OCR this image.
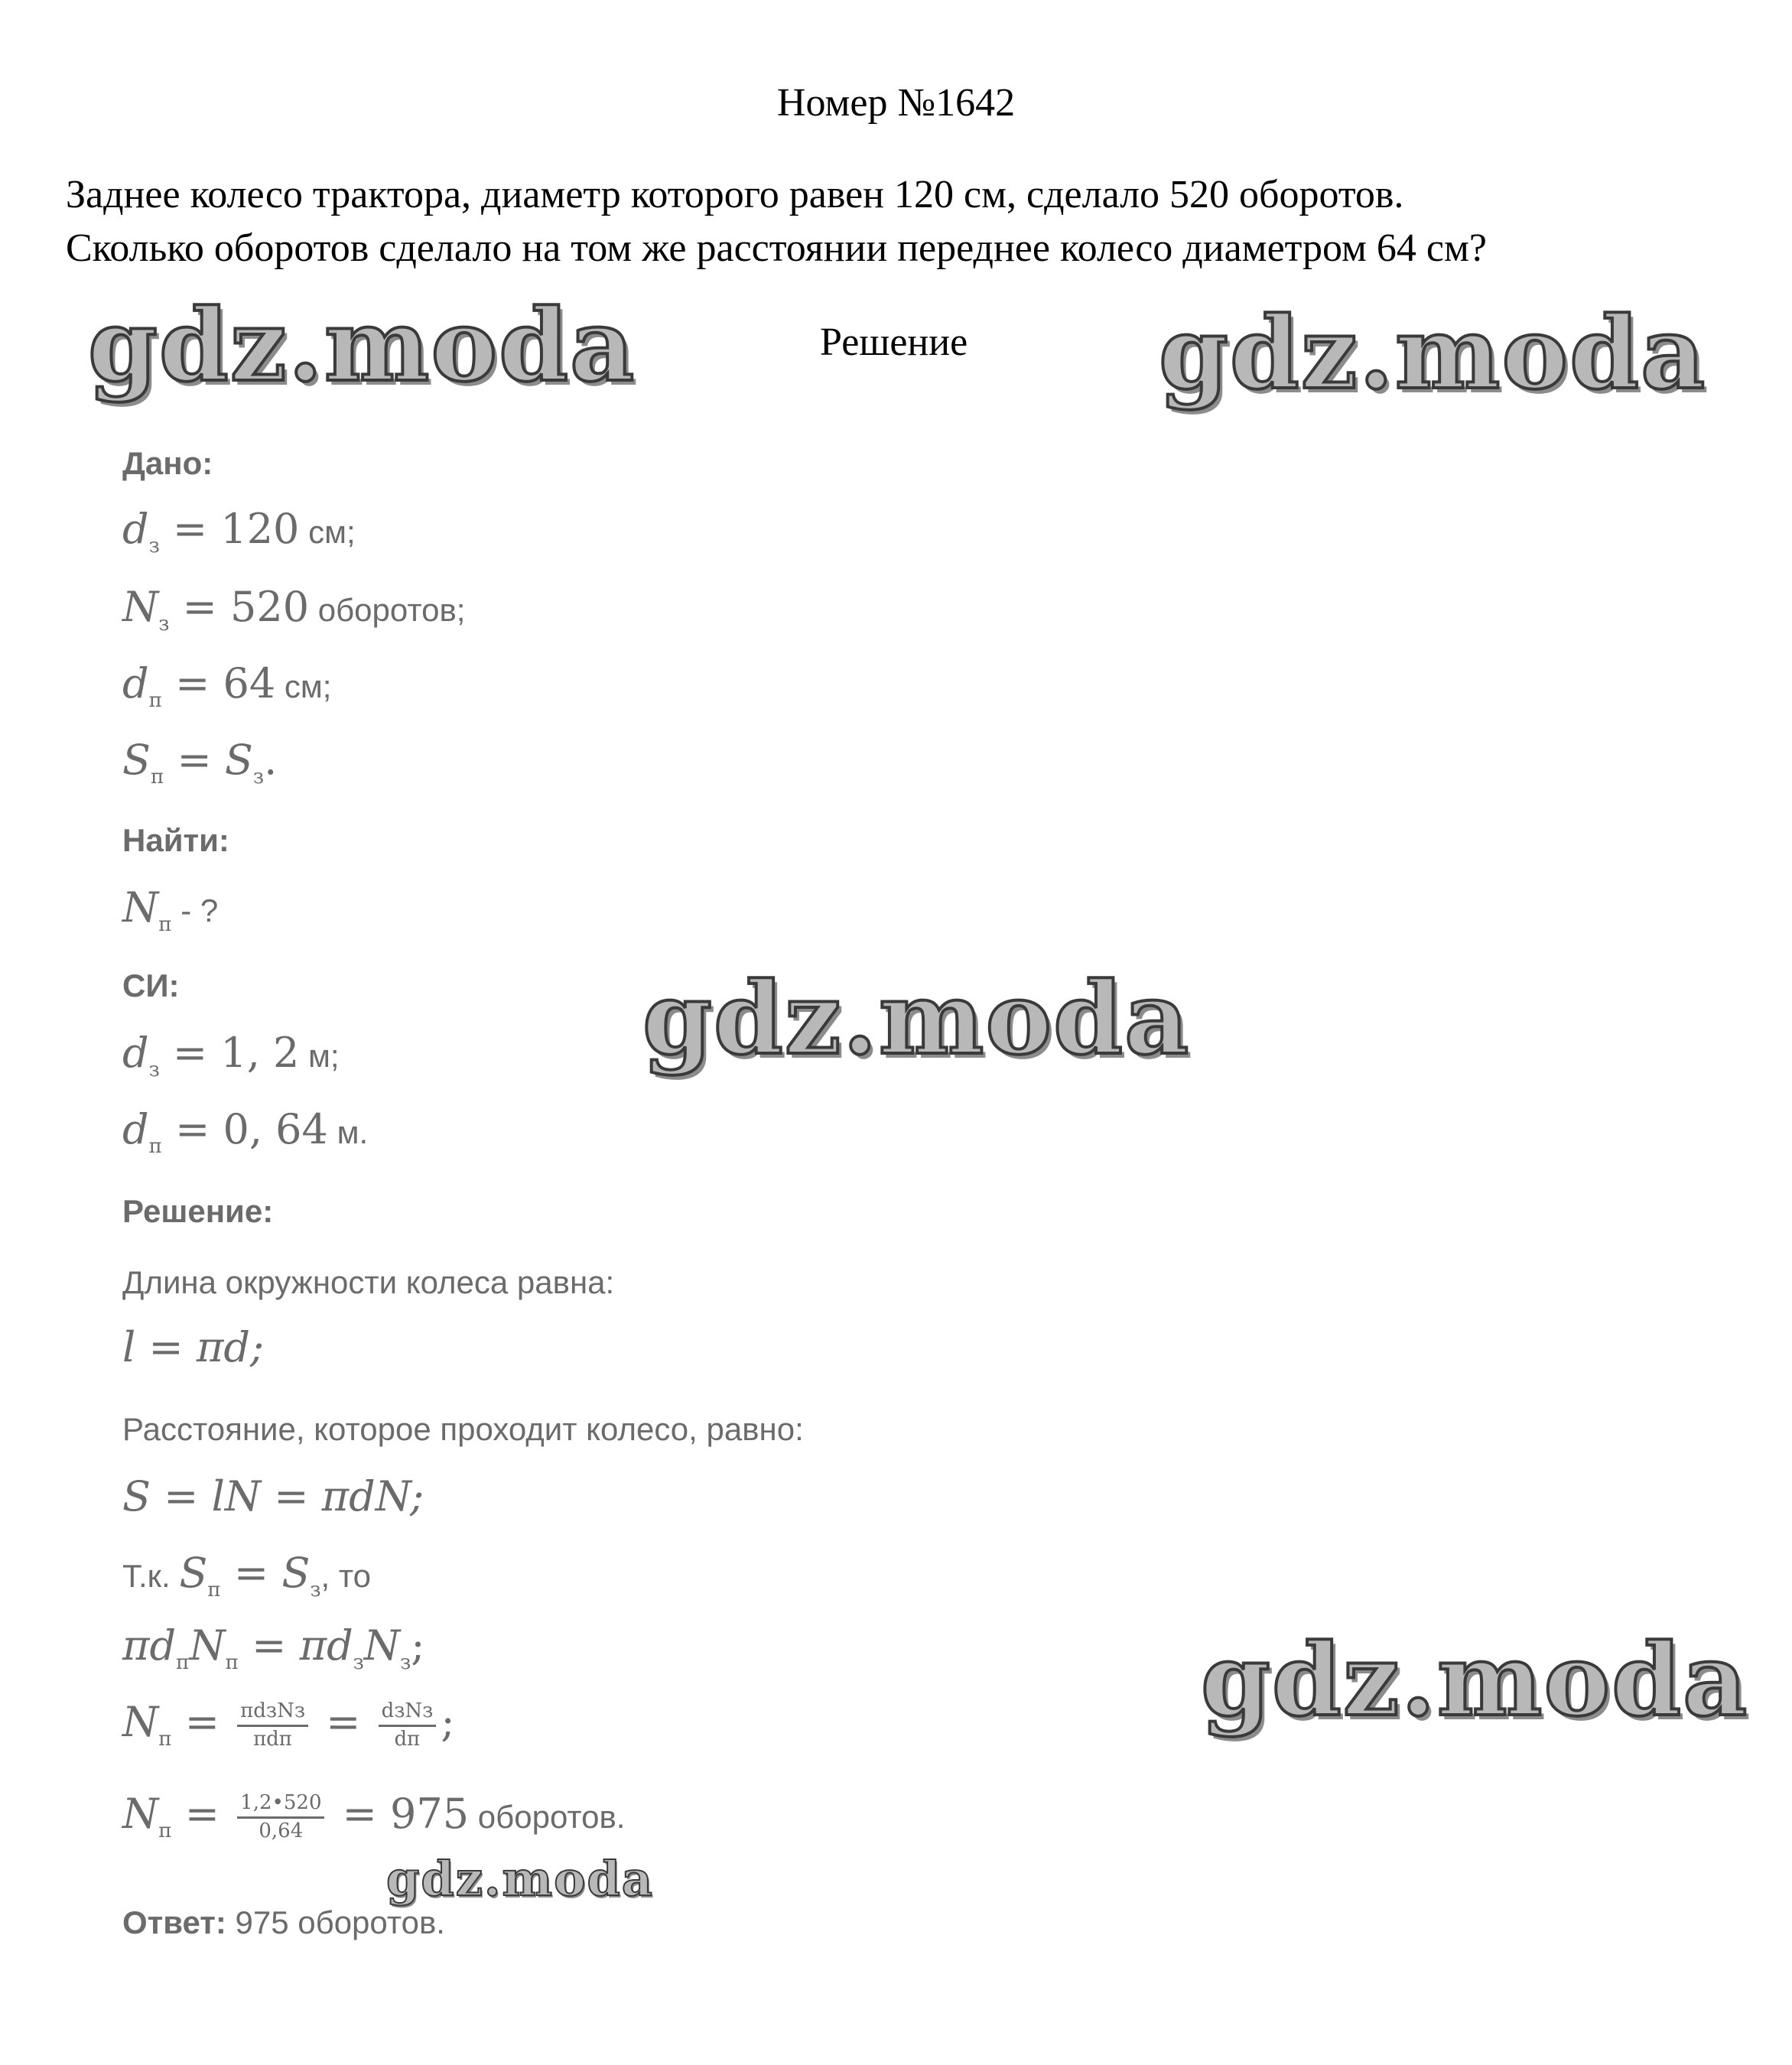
Номер №1642
Заднее колесо трактора, диаметр которого равен 120 см, сделало 520 оборотов.
Сколько оборотов сделало на том же расстоянии переднее колесо диаметром 64 см?
Решение
gdz.moda	gdz.moda
gdz.moda
gdz.moda
gdz.moda
Дано:
$d_з = 120$ см;
$N_з = 520$ оборотов;
$d_п = 64$ см;
$S_п = S_з$.
Найти:
$N_п$ - ?
СИ:
$d_з = 1$, 2 м;
$d_п = 0$, 64 м.
Решение:
Длина окружности колеса равна:
l = πd;
Расстояние, которое проходит колесо, равно:
S = lN = πdN;
Т.к. $S_п = S_з$, то
$\pi d_пN_п = \pi d_зN_з$;
$N_п = \frac{\text{πdзNз}}{\text{πdп}} = \frac{\text{dзNз}}{dп}$ ;
$N_п = \frac{1,2•520}{0,64} = 975$ оборотов.
Ответ: 975 оборотов.
